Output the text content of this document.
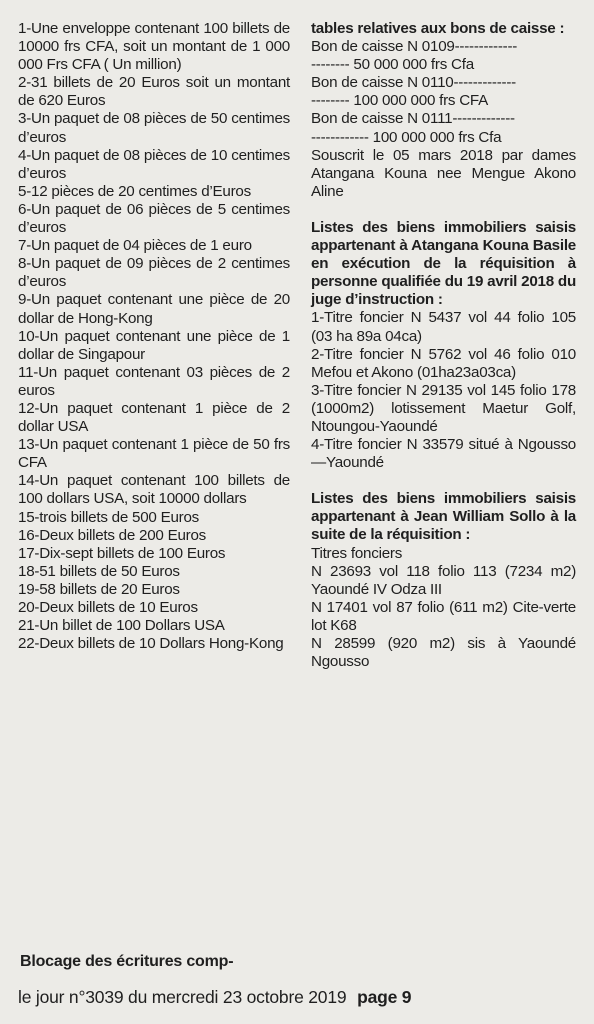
1-Une enveloppe contenant 100 billets de 10000 frs CFA, soit un montant de 1 000 000 Frs CFA ( Un million)

2-31 billets de 20 Euros soit un montant de 620 Euros

3-Un paquet de 08 pièces de 50 centimes d’euros

4-Un paquet de 08 pièces de 10 centimes d’euros

5-12 pièces de 20 centimes d’Euros

6-Un paquet de 06 pièces de 5 centimes d’euros

7-Un paquet de 04 pièces de 1 euro

8-Un paquet de 09 pièces de 2 centimes d’euros

9-Un paquet contenant une pièce de 20 dollar de Hong-Kong

10-Un paquet contenant une pièce de 1 dollar de Singapour

11-Un paquet contenant 03 pièces de 2 euros

12-Un paquet contenant 1 pièce de 2 dollar USA

13-Un paquet contenant 1 pièce de 50 frs CFA

14-Un paquet contenant 100 billets de 100 dollars USA, soit 10000 dollars

15-trois billets de 500 Euros

16-Deux billets de 200 Euros

17-Dix-sept billets de 100 Euros

18-51 billets de 50 Euros

19-58 billets de 20 Euros

20-Deux billets de 10 Euros

21-Un billet de 100 Dollars USA

22-Deux billets de 10 Dollars Hong-Kong

tables relatives aux bons de caisse :

Bon de caisse N 0109-------------

-------- 50 000 000 frs Cfa

Bon de caisse N 0110-------------

-------- 100 000 000 frs CFA

Bon de caisse N 0111-------------

------------ 100 000 000 frs Cfa

Souscrit le 05 mars 2018 par dames Atangana Kouna nee Mengue Akono Aline

Listes des biens immobiliers saisis appartenant à Atangana Kouna Basile en exécution de la réquisition à personne qualifiée du 19 avril 2018 du juge d’instruction :

1-Titre foncier N 5437 vol 44 folio 105 (03 ha 89a 04ca)

2-Titre foncier N 5762 vol 46 folio 010 Mefou et Akono (01ha23a03ca)

3-Titre foncier N 29135 vol 145 folio 178 (1000m2) lotissement Maetur Golf, Ntoungou-Yaoundé

4-Titre foncier N 33579 situé à Ngousso —Yaoundé

Listes des biens immobiliers saisis appartenant à Jean William Sollo à la suite de la réquisition :

Titres fonciers

N 23693 vol 118 folio 113 (7234 m2) Yaoundé IV Odza III

N 17401 vol 87 folio (611 m2) Cite-verte lot K68

N 28599 (920 m2) sis à Yaoundé Ngousso

Blocage des écritures comp-
le jour n°3039 du mercredi 23 octobre 2019 page 9
